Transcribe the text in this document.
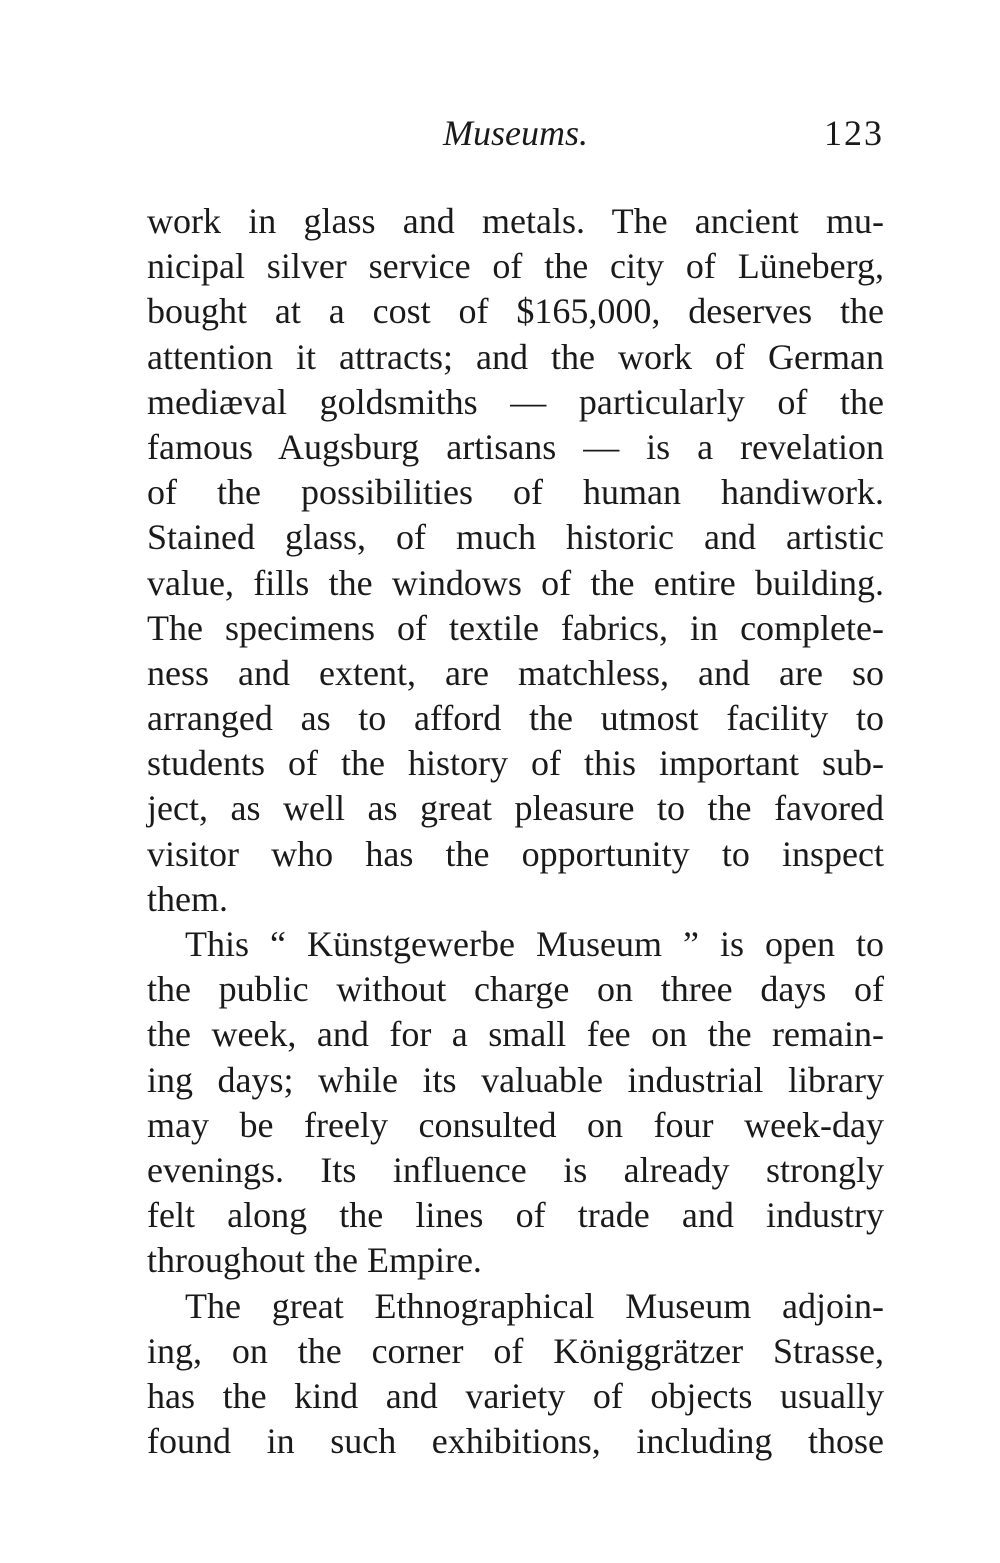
Museums.	123
work in glass and metals. The ancient mu-
nicipal silver service of the city of Lüneberg,
bought at a cost of $165,000, deserves the
attention it attracts; and the work of German
mediæval goldsmiths — particularly of the
famous Augsburg artisans — is a revelation
of the possibilities of human handiwork.
Stained glass, of much historic and artistic
value, fills the windows of the entire building.
The specimens of textile fabrics, in complete-
ness and extent, are matchless, and are so
arranged as to afford the utmost facility to
students of the history of this important sub-
ject, as well as great pleasure to the favored
visitor who has the opportunity to inspect
them.
This “ Künstgewerbe Museum ” is open to
the public without charge on three days of
the week, and for a small fee on the remain-
ing days; while its valuable industrial library
may be freely consulted on four week-day
evenings. Its influence is already strongly
felt along the lines of trade and industry
throughout the Empire.
The great Ethnographical Museum adjoin-
ing, on the corner of Königgrätzer Strasse,
has the kind and variety of objects usually
found in such exhibitions, including those
